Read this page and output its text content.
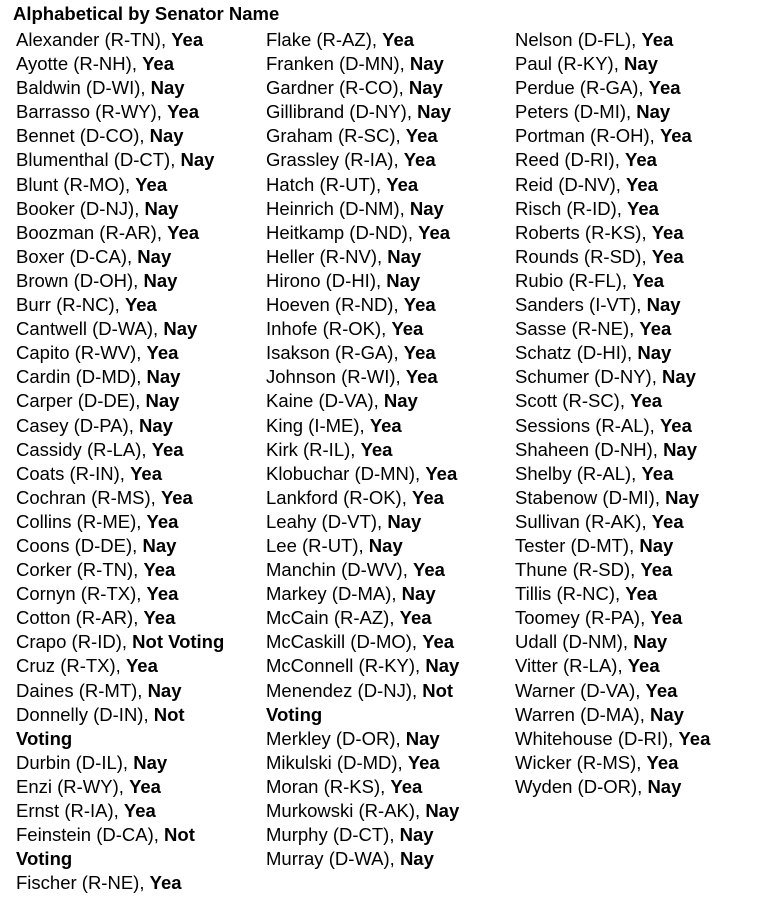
Alphabetical by Senator Name
Alexander (R-TN), Yea
Ayotte (R-NH), Yea
Baldwin (D-WI), Nay
Barrasso (R-WY), Yea
Bennet (D-CO), Nay
Blumenthal (D-CT), Nay
Blunt (R-MO), Yea
Booker (D-NJ), Nay
Boozman (R-AR), Yea
Boxer (D-CA), Nay
Brown (D-OH), Nay
Burr (R-NC), Yea
Cantwell (D-WA), Nay
Capito (R-WV), Yea
Cardin (D-MD), Nay
Carper (D-DE), Nay
Casey (D-PA), Nay
Cassidy (R-LA), Yea
Coats (R-IN), Yea
Cochran (R-MS), Yea
Collins (R-ME), Yea
Coons (D-DE), Nay
Corker (R-TN), Yea
Cornyn (R-TX), Yea
Cotton (R-AR), Yea
Crapo (R-ID), Not Voting
Cruz (R-TX), Yea
Daines (R-MT), Nay
Donnelly (D-IN), Not
Voting
Durbin (D-IL), Nay
Enzi (R-WY), Yea
Ernst (R-IA), Yea
Feinstein (D-CA), Not
Voting
Fischer (R-NE), Yea
Flake (R-AZ), Yea
Franken (D-MN), Nay
Gardner (R-CO), Nay
Gillibrand (D-NY), Nay
Graham (R-SC), Yea
Grassley (R-IA), Yea
Hatch (R-UT), Yea
Heinrich (D-NM), Nay
Heitkamp (D-ND), Yea
Heller (R-NV), Nay
Hirono (D-HI), Nay
Hoeven (R-ND), Yea
Inhofe (R-OK), Yea
Isakson (R-GA), Yea
Johnson (R-WI), Yea
Kaine (D-VA), Nay
King (I-ME), Yea
Kirk (R-IL), Yea
Klobuchar (D-MN), Yea
Lankford (R-OK), Yea
Leahy (D-VT), Nay
Lee (R-UT), Nay
Manchin (D-WV), Yea
Markey (D-MA), Nay
McCain (R-AZ), Yea
McCaskill (D-MO), Yea
McConnell (R-KY), Nay
Menendez (D-NJ), Not
Voting
Merkley (D-OR), Nay
Mikulski (D-MD), Yea
Moran (R-KS), Yea
Murkowski (R-AK), Nay
Murphy (D-CT), Nay
Murray (D-WA), Nay
Nelson (D-FL), Yea
Paul (R-KY), Nay
Perdue (R-GA), Yea
Peters (D-MI), Nay
Portman (R-OH), Yea
Reed (D-RI), Yea
Reid (D-NV), Yea
Risch (R-ID), Yea
Roberts (R-KS), Yea
Rounds (R-SD), Yea
Rubio (R-FL), Yea
Sanders (I-VT), Nay
Sasse (R-NE), Yea
Schatz (D-HI), Nay
Schumer (D-NY), Nay
Scott (R-SC), Yea
Sessions (R-AL), Yea
Shaheen (D-NH), Nay
Shelby (R-AL), Yea
Stabenow (D-MI), Nay
Sullivan (R-AK), Yea
Tester (D-MT), Nay
Thune (R-SD), Yea
Tillis (R-NC), Yea
Toomey (R-PA), Yea
Udall (D-NM), Nay
Vitter (R-LA), Yea
Warner (D-VA), Yea
Warren (D-MA), Nay
Whitehouse (D-RI), Yea
Wicker (R-MS), Yea
Wyden (D-OR), Nay
